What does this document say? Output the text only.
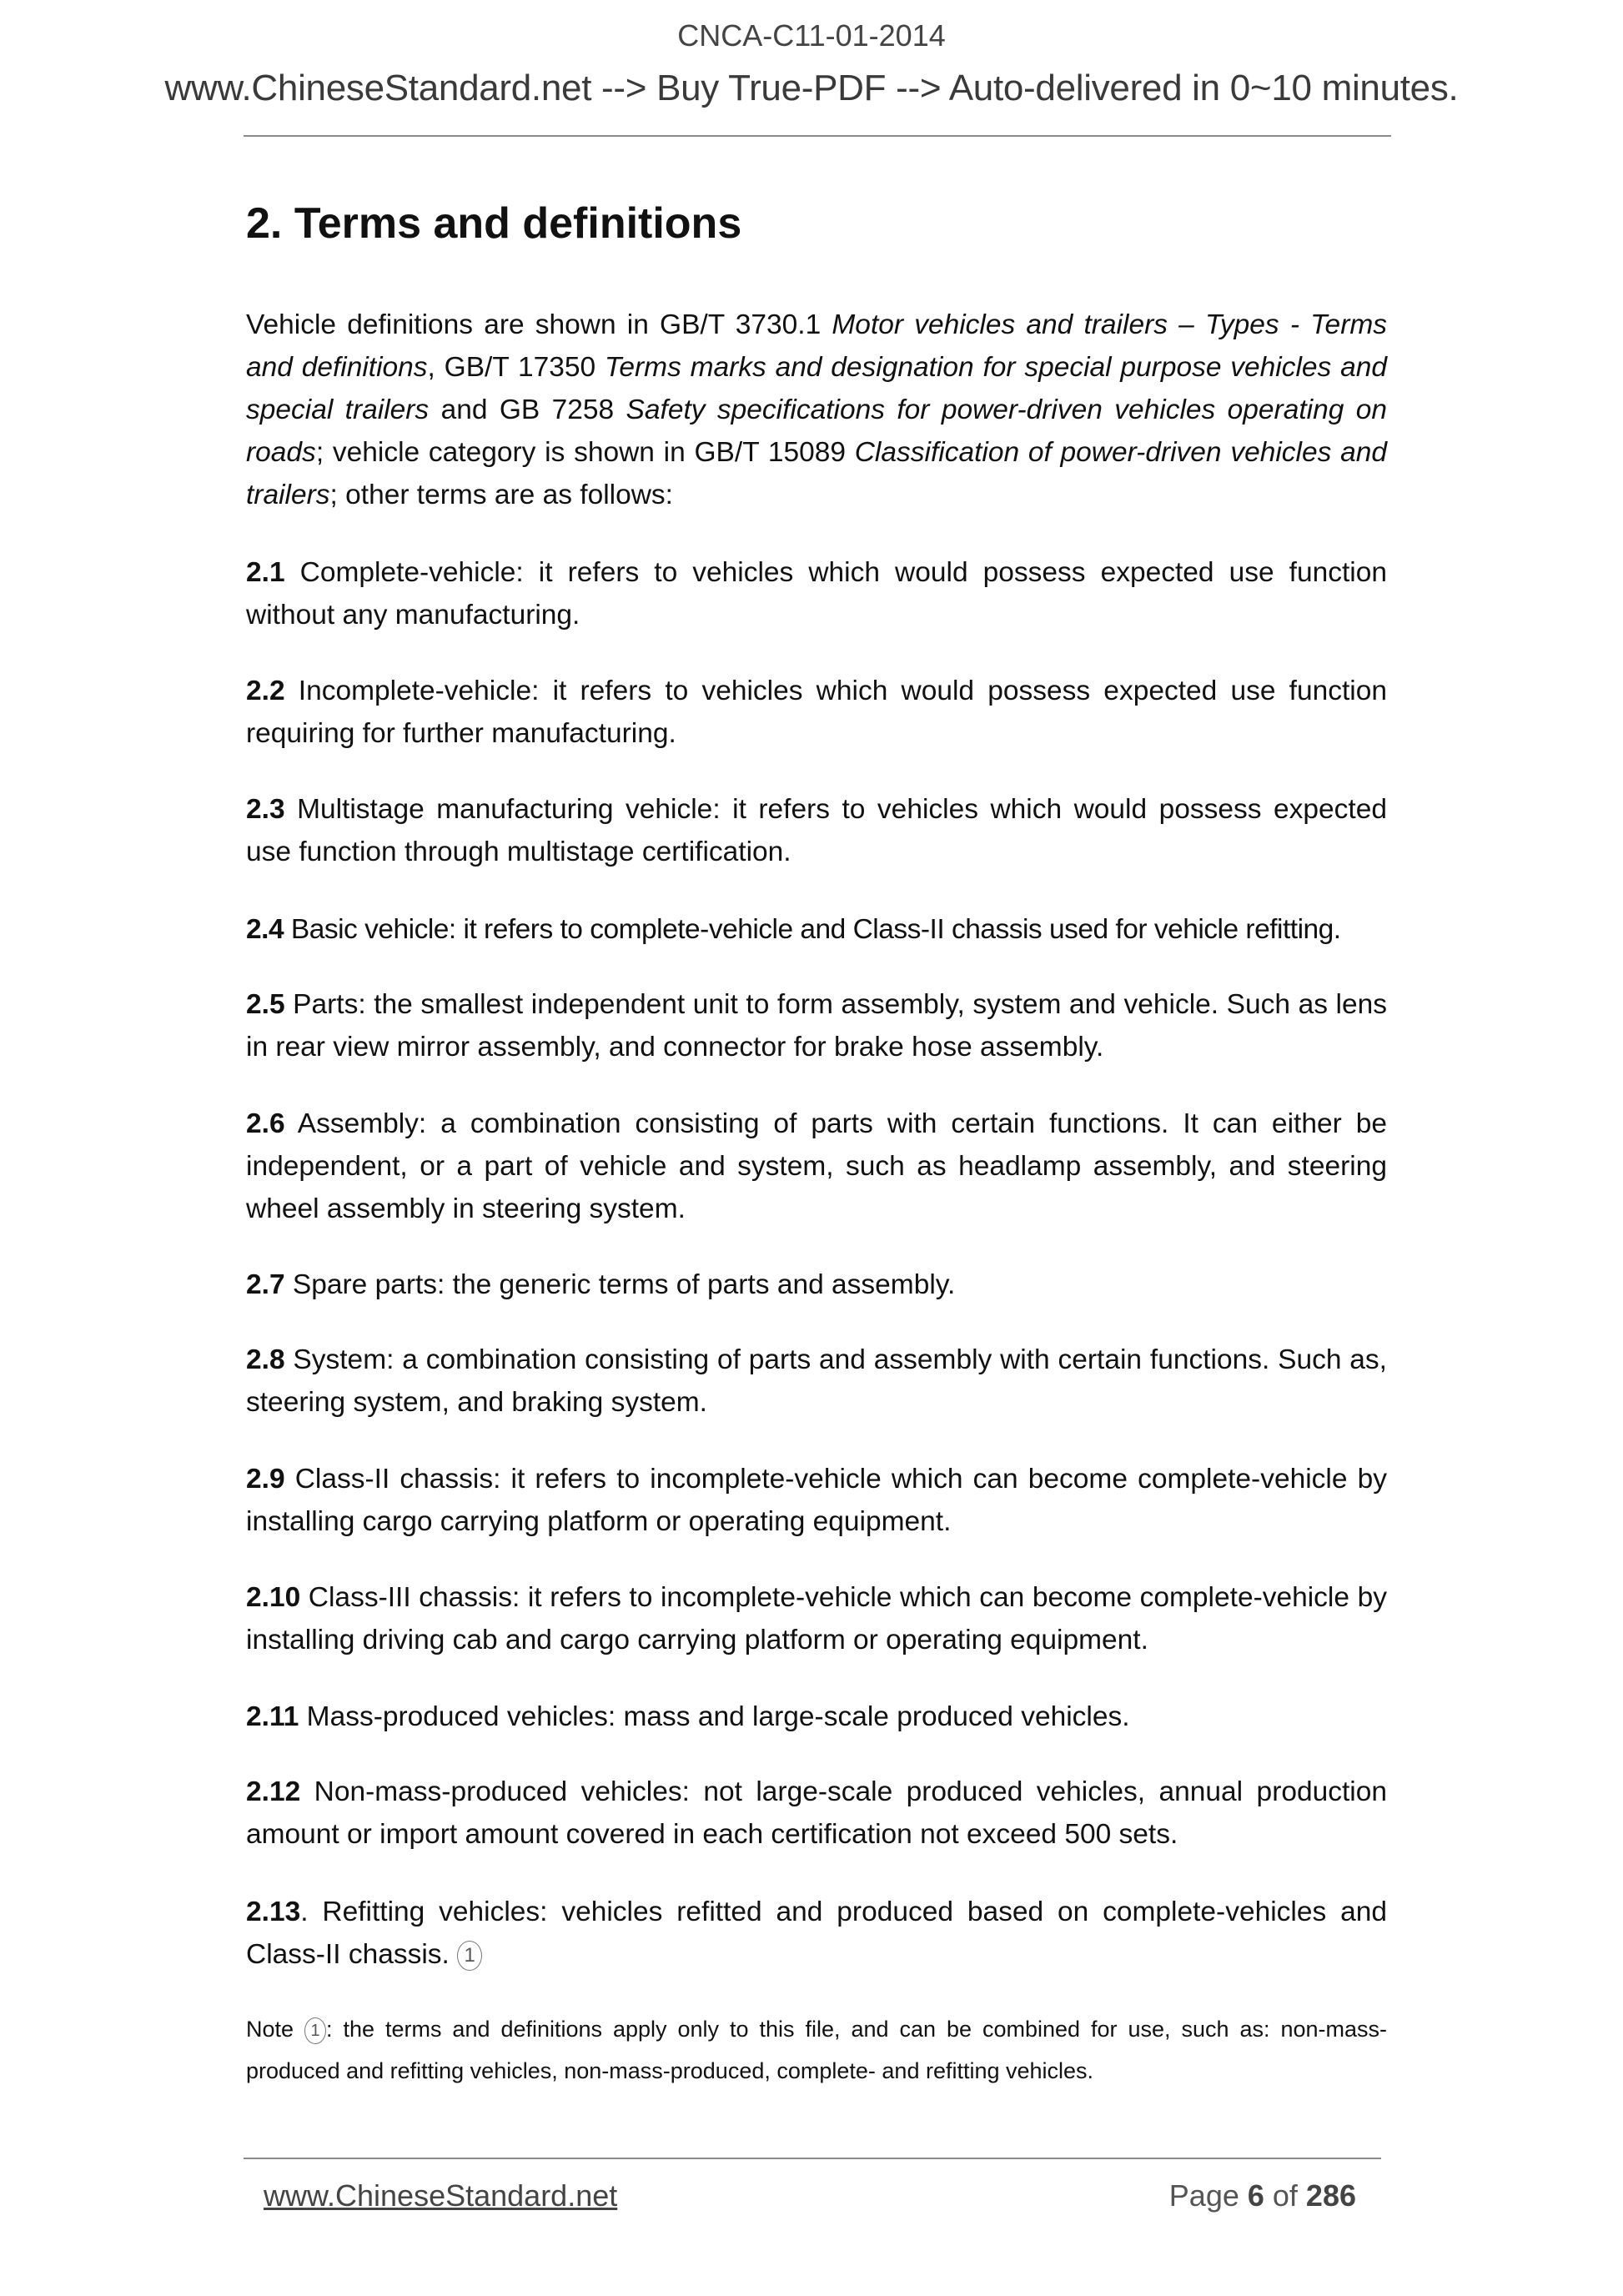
CNCA-C11-01-2014
www.ChineseStandard.net --> Buy True-PDF --> Auto-delivered in 0~10 minutes.
2. Terms and definitions

Vehicle definitions are shown in GB/T 3730.1 Motor vehicles and trailers – Types - Terms and definitions, GB/T 17350 Terms marks and designation for special purpose vehicles and special trailers and GB 7258 Safety specifications for power-driven vehicles operating on roads; vehicle category is shown in GB/T 15089 Classification of power-driven vehicles and trailers; other terms are as follows:

2.1 Complete-vehicle: it refers to vehicles which would possess expected use function without any manufacturing.

2.2 Incomplete-vehicle: it refers to vehicles which would possess expected use function requiring for further manufacturing.

2.3 Multistage manufacturing vehicle: it refers to vehicles which would possess expected use function through multistage certification.

2.4 Basic vehicle: it refers to complete-vehicle and Class-II chassis used for vehicle refitting.

2.5 Parts: the smallest independent unit to form assembly, system and vehicle. Such as lens in rear view mirror assembly, and connector for brake hose assembly.

2.6 Assembly: a combination consisting of parts with certain functions. It can either be independent, or a part of vehicle and system, such as headlamp assembly, and steering wheel assembly in steering system.

2.7 Spare parts: the generic terms of parts and assembly.

2.8 System: a combination consisting of parts and assembly with certain functions. Such as, steering system, and braking system.

2.9 Class-II chassis: it refers to incomplete-vehicle which can become complete-vehicle by installing cargo carrying platform or operating equipment.

2.10 Class-III chassis: it refers to incomplete-vehicle which can become complete-vehicle by installing driving cab and cargo carrying platform or operating equipment.

2.11 Mass-produced vehicles: mass and large-scale produced vehicles.

2.12 Non-mass-produced vehicles: not large-scale produced vehicles, annual production amount or import amount covered in each certification not exceed 500 sets.

2.13. Refitting vehicles: vehicles refitted and produced based on complete-vehicles and Class-II chassis. 1

Note 1 : the terms and definitions apply only to this file, and can be combined for use, such as: non-mass-produced and refitting vehicles, non-mass-produced, complete- and refitting vehicles.

www.ChineseStandard.net	Page 6 of 286
